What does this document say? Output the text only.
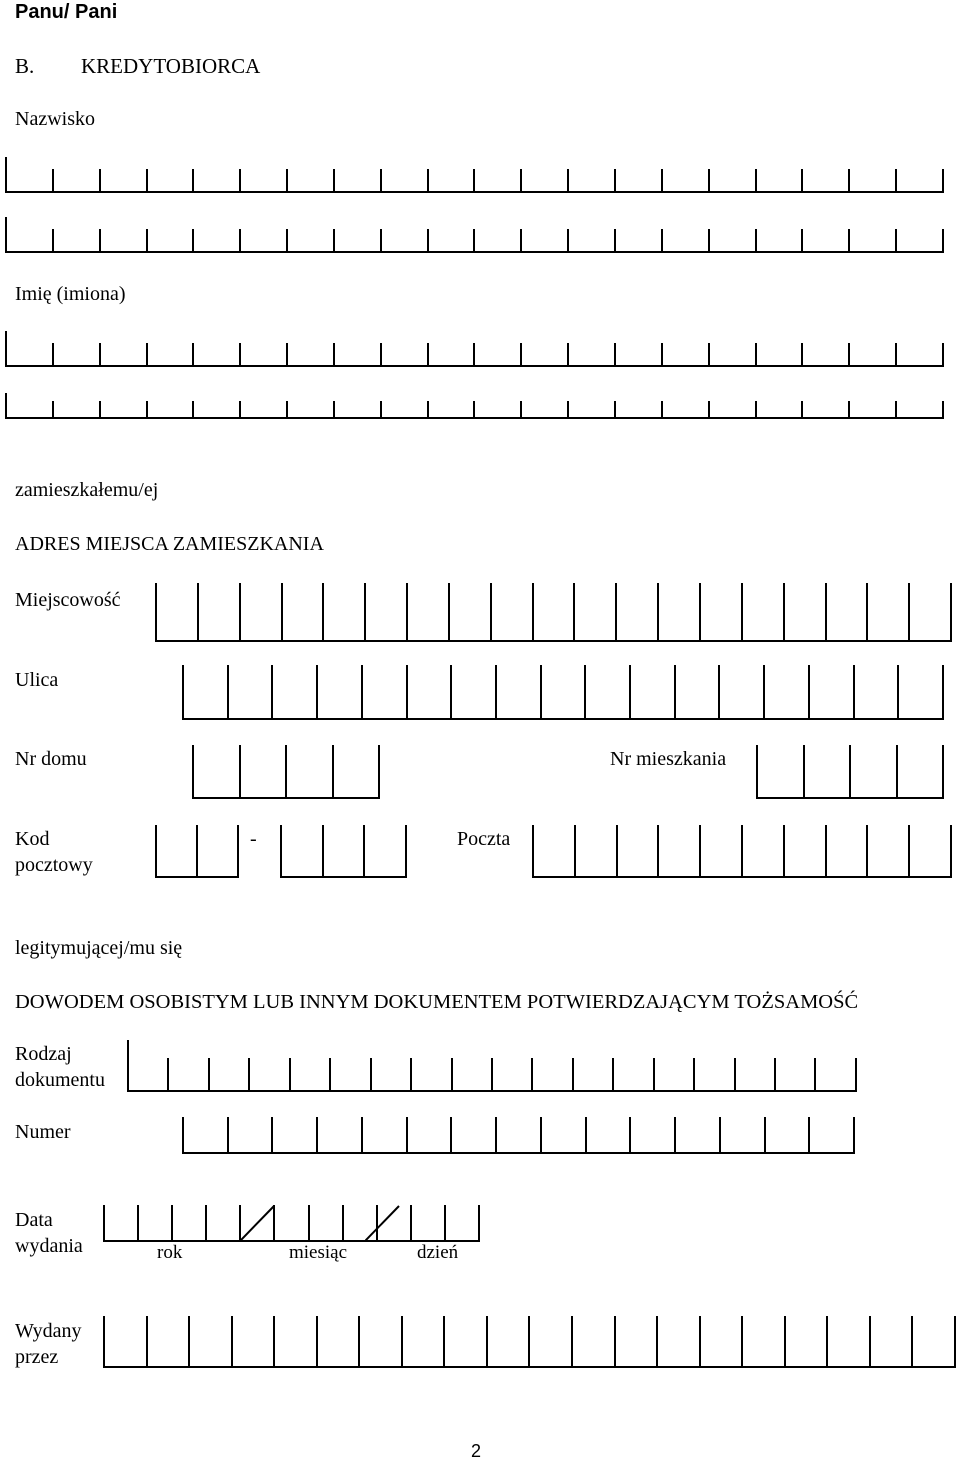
Panu/ Pani
B. KREDYTOBIORCA
Nazwisko
Imię (imiona)
zamieszkałemu/ej
ADRES MIEJSCA ZAMIESZKANIA
Miejscowość
Ulica
Nr domu	Nr mieszkania
Kod
pocztowy
-	Poczta
legitymującej/mu się
DOWODEM OSOBISTYM LUB INNYM DOKUMENTEM POTWIERDZAJĄCYM TOŻSAMOŚĆ
Rodzaj
dokumentu
Numer
Data
wydania	rok	miesiąc	dzień
Wydany
przez
2
